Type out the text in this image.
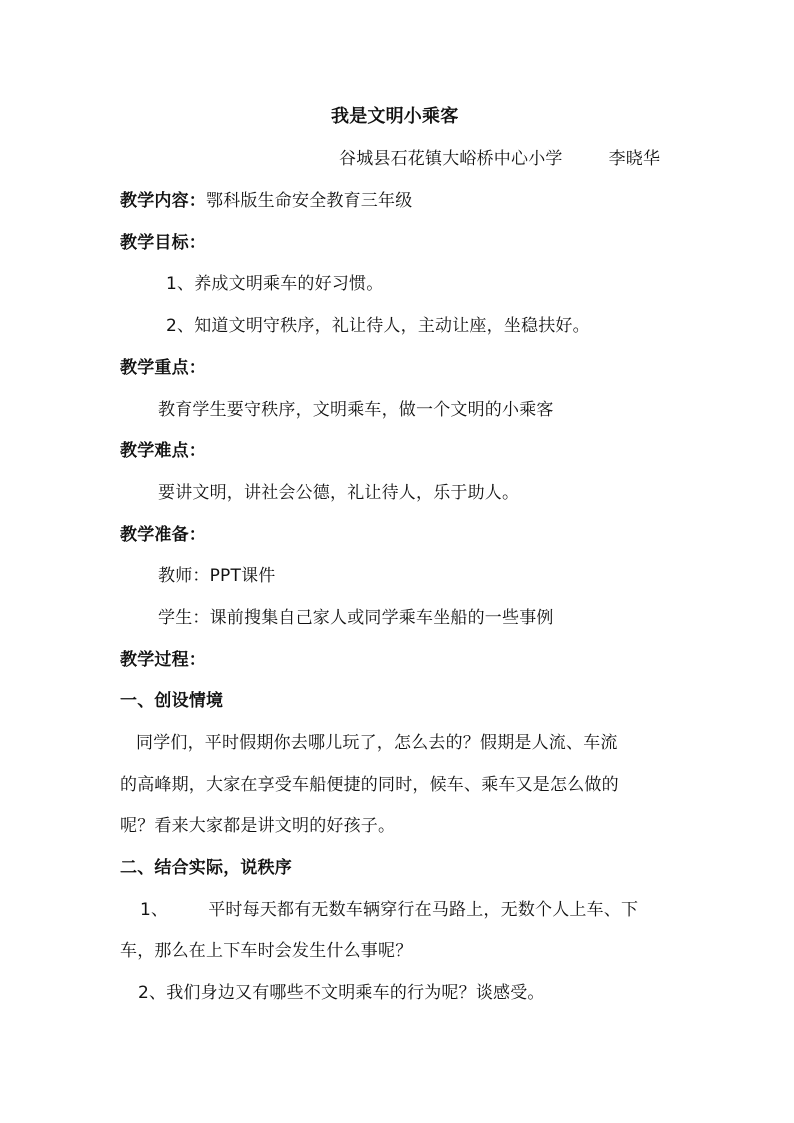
我是文明小乘客
谷城县石花镇大峪桥中心小学	李晓华
教学内容：鄂科版生命安全教育三年级
教学目标：
1、养成文明乘车的好习惯。
2、知道文明守秩序，礼让待人，主动让座，坐稳扶好。
教学重点：
教育学生要守秩序，文明乘车，做一个文明的小乘客
教学难点：
要讲文明，讲社会公德，礼让待人，乐于助人。
教学准备：
教师：PPT课件
学生：课前搜集自己家人或同学乘车坐船的一些事例
教学过程：
一、创设情境
同学们，平时假期你去哪儿玩了，怎么去的？假期是人流、车流
的高峰期，大家在享受车船便捷的同时，候车、乘车又是怎么做的
呢？看来大家都是讲文明的好孩子。
二、结合实际，说秩序
1、 平时每天都有无数车辆穿行在马路上，无数个人上车、下
车，那么在上下车时会发生什么事呢？
2、我们身边又有哪些不文明乘车的行为呢？谈感受。
